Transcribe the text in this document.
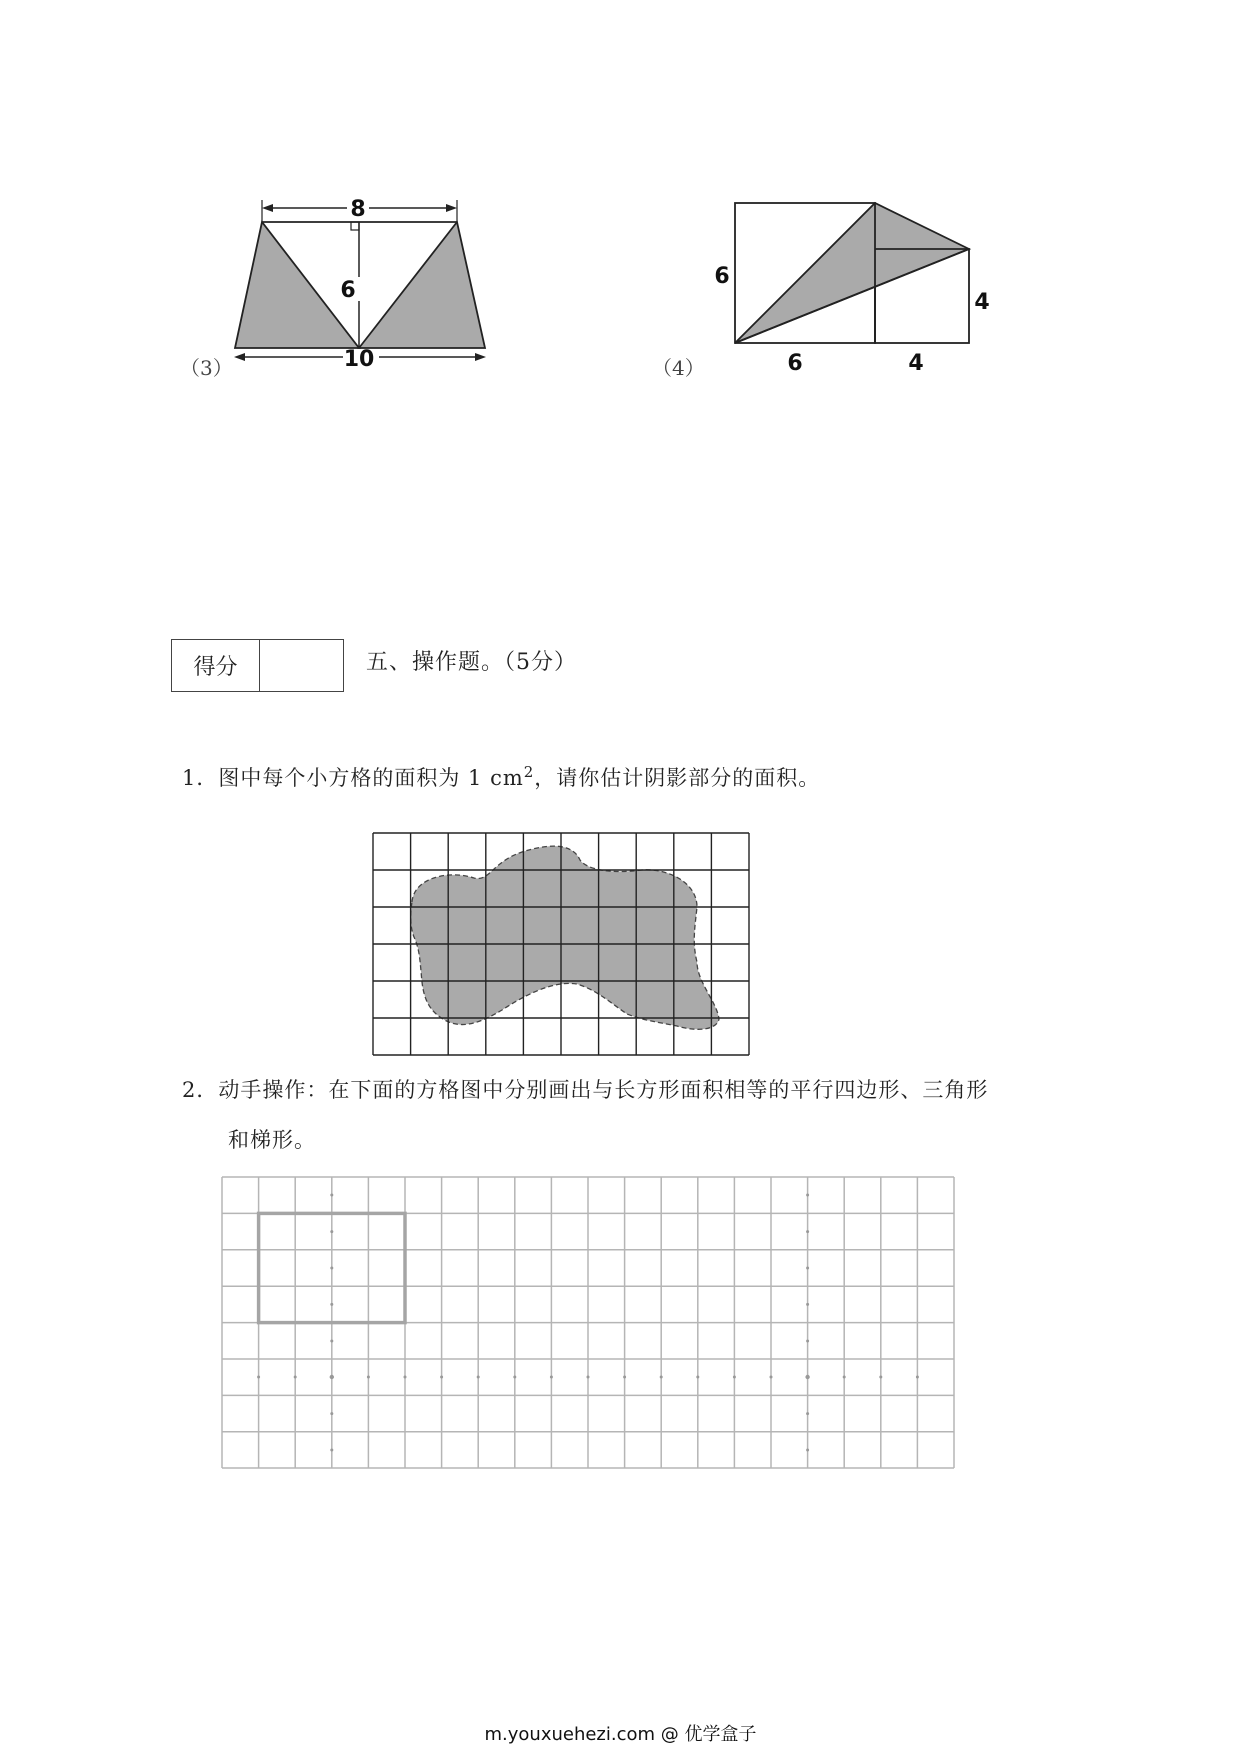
8
6
10
（3）
6
4
6	4
（4）
得分	五、操作题。（5分）
1．图中每个小方格的面积为 1 $cm^2$，请你估计阴影部分的面积。
2．动手操作：在下面的方格图中分别画出与长方形面积相等的平行四边形、三角形
和梯形。
m.youxuehezi.com @ 优学盒子
